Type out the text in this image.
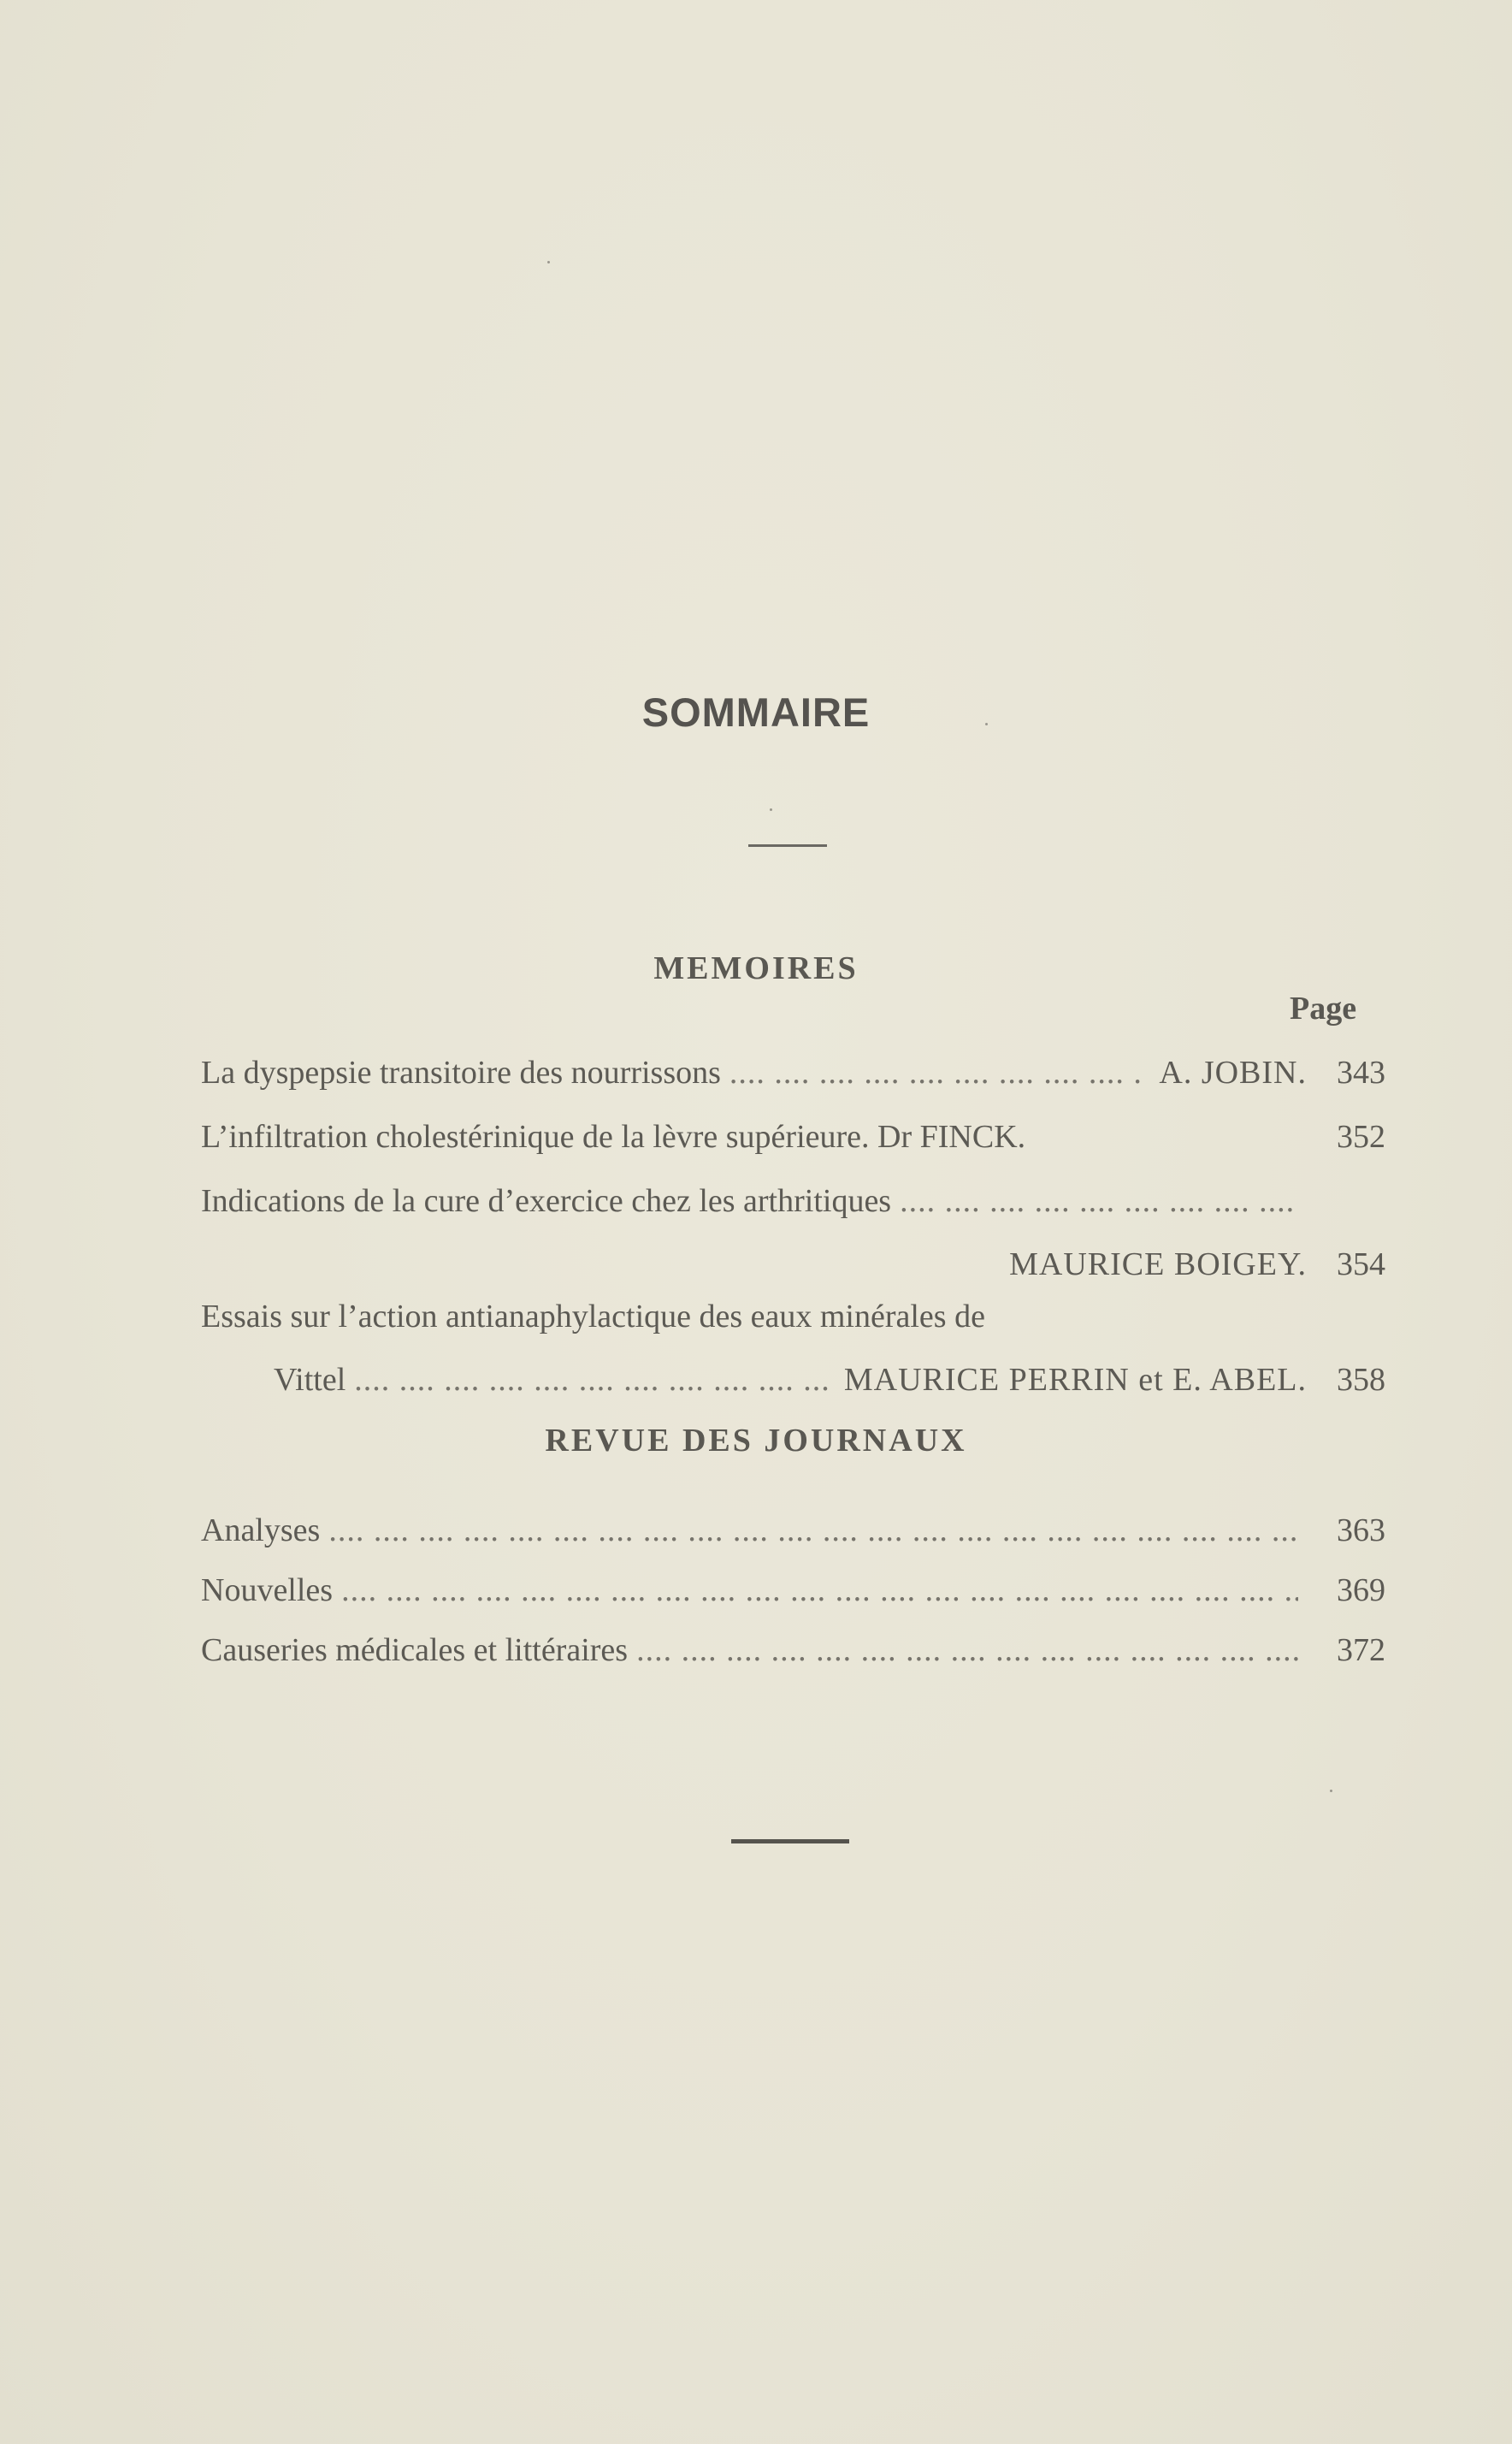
SOMMAIRE
MEMOIRES
Page
La dyspepsie transitoire des nourrissons ....	A. JOBIN. 343
L’infiltration cholestérinique de la lèvre supérieure. Dr FINCK.	352
Indications de la cure d’exercice chez les arthritiques
....
MAURICE BOIGEY. 354
Essais sur l’action antianaphylactique des eaux minérales de
Vittel ....	MAURICE PERRIN et E. ABEL. 358
REVUE DES JOURNAUX
Analyses ....	363
Nouvelles ....	369
Causeries médicales et littéraires ....	372
